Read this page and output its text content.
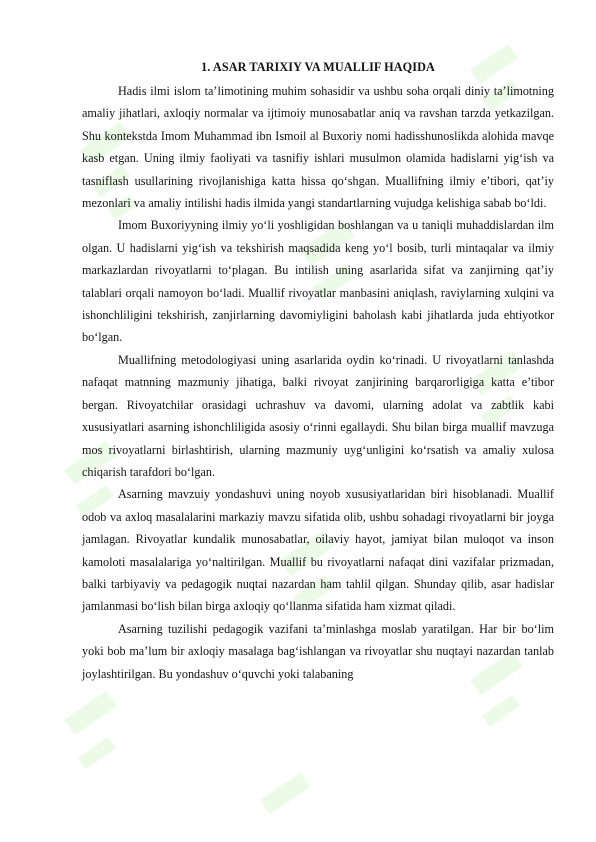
1. ASAR TARIXIY VA MUALLIF HAQIDA

Hadis ilmi islom ta’limotining muhim sohasidir va ushbu soha orqali diniy ta’limotning amaliy jihatlari, axloqiy normalar va ijtimoiy munosabatlar aniq va ravshan tarzda yetkazilgan. Shu kontekstda Imom Muhammad ibn Ismoil al Buxoriy nomi hadisshunoslikda alohida mavqe kasb etgan. Uning ilmiy faoliyati va tasnifiy ishlari musulmon olamida hadislarni yig‘ish va tasniflash usullarining rivojlanishiga katta hissa qo‘shgan. Muallifning ilmiy e’tibori, qat’iy mezonlari va amaliy intilishi hadis ilmida yangi standartlarning vujudga kelishiga sabab bo‘ldi.

Imom Buxoriyyning ilmiy yo‘li yoshligidan boshlangan va u taniqli muhaddislardan ilm olgan. U hadislarni yig‘ish va tekshirish maqsadida keng yo‘l bosib, turli mintaqalar va ilmiy markazlardan rivoyatlarni to‘plagan. Bu intilish uning asarlarida sifat va zanjirning qat’iy talablari orqali namoyon bo‘ladi. Muallif rivoyatlar manbasini aniqlash, raviylarning xulqini va ishonchliligini tekshirish, zanjirlarning davomiyligini baholash kabi jihatlarda juda ehtiyotkor bo‘lgan.

Muallifning metodologiyasi uning asarlarida oydin ko‘rinadi. U rivoyatlarni tanlashda nafaqat matnning mazmuniy jihatiga, balki rivoyat zanjirining barqarorligiga katta e’tibor bergan. Rivoyatchilar orasidagi uchrashuv va davomi, ularning adolat va zabtlik kabi xususiyatlari asarning ishonchliligida asosiy o‘rinni egallaydi. Shu bilan birga muallif mavzuga mos rivoyatlarni birlashtirish, ularning mazmuniy uyg‘unligini ko‘rsatish va amaliy xulosa chiqarish tarafdori bo‘lgan.

Asarning mavzuiy yondashuvi uning noyob xususiyatlaridan biri hisoblanadi. Muallif odob va axloq masalalarini markaziy mavzu sifatida olib, ushbu sohadagi rivoyatlarni bir joyga jamlagan. Rivoyatlar kundalik munosabatlar, oilaviy hayot, jamiyat bilan muloqot va inson kamoloti masalalariga yo‘naltirilgan. Muallif bu rivoyatlarni nafaqat dini vazifalar prizmadan, balki tarbiyaviy va pedagogik nuqtai nazardan ham tahlil qilgan. Shunday qilib, asar hadislar jamlanmasi bo‘lish bilan birga axloqiy qo‘llanma sifatida ham xizmat qiladi.

Asarning tuzilishi pedagogik vazifani ta’minlashga moslab yaratilgan. Har bir bo‘lim yoki bob ma’lum bir axloqiy masalaga bag‘ishlangan va rivoyatlar shu nuqtayi nazardan tanlab joylashtirilgan. Bu yondashuv o‘quvchi yoki talabaning
